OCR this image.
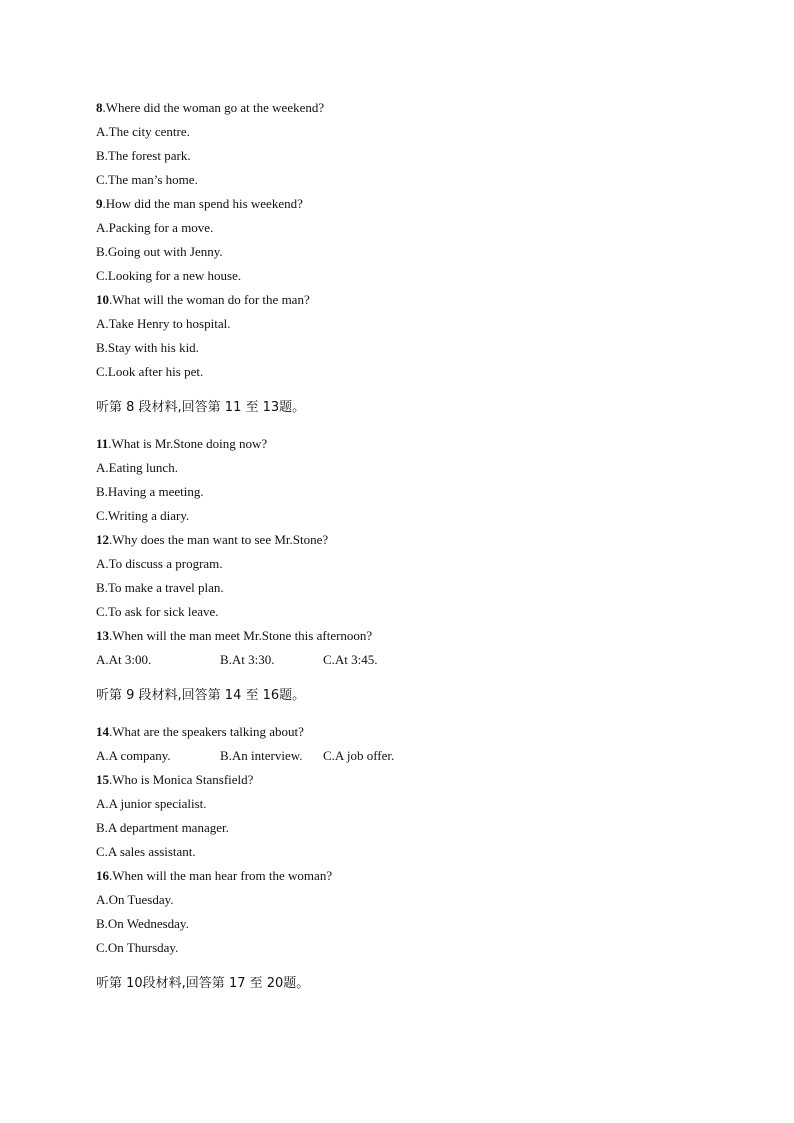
8.Where did the woman go at the weekend?
A.The city centre.
B.The forest park.
C.The man’s home.
9.How did the man spend his weekend?
A.Packing for a move.
B.Going out with Jenny.
C.Looking for a new house.
10.What will the woman do for the man?
A.Take Henry to hospital.
B.Stay with his kid.
C.Look after his pet.
听第 8 段材料,回答第 11 至 13题。
11.What is Mr.Stone doing now?
A.Eating lunch.
B.Having a meeting.
C.Writing a diary.
12.Why does the man want to see Mr.Stone?
A.To discuss a program.
B.To make a travel plan.
C.To ask for sick leave.
13.When will the man meet Mr.Stone this afternoon?
A.At 3:00.	B.At 3:30.	C.At 3:45.
听第 9 段材料,回答第 14 至 16题。
14.What are the speakers talking about?
A.A company.	B.An interview.	C.A job offer.
15.Who is Monica Stansfield?
A.A junior specialist.
B.A department manager.
C.A sales assistant.
16.When will the man hear from the woman?
A.On Tuesday.
B.On Wednesday.
C.On Thursday.
听第 10段材料,回答第 17 至 20题。
